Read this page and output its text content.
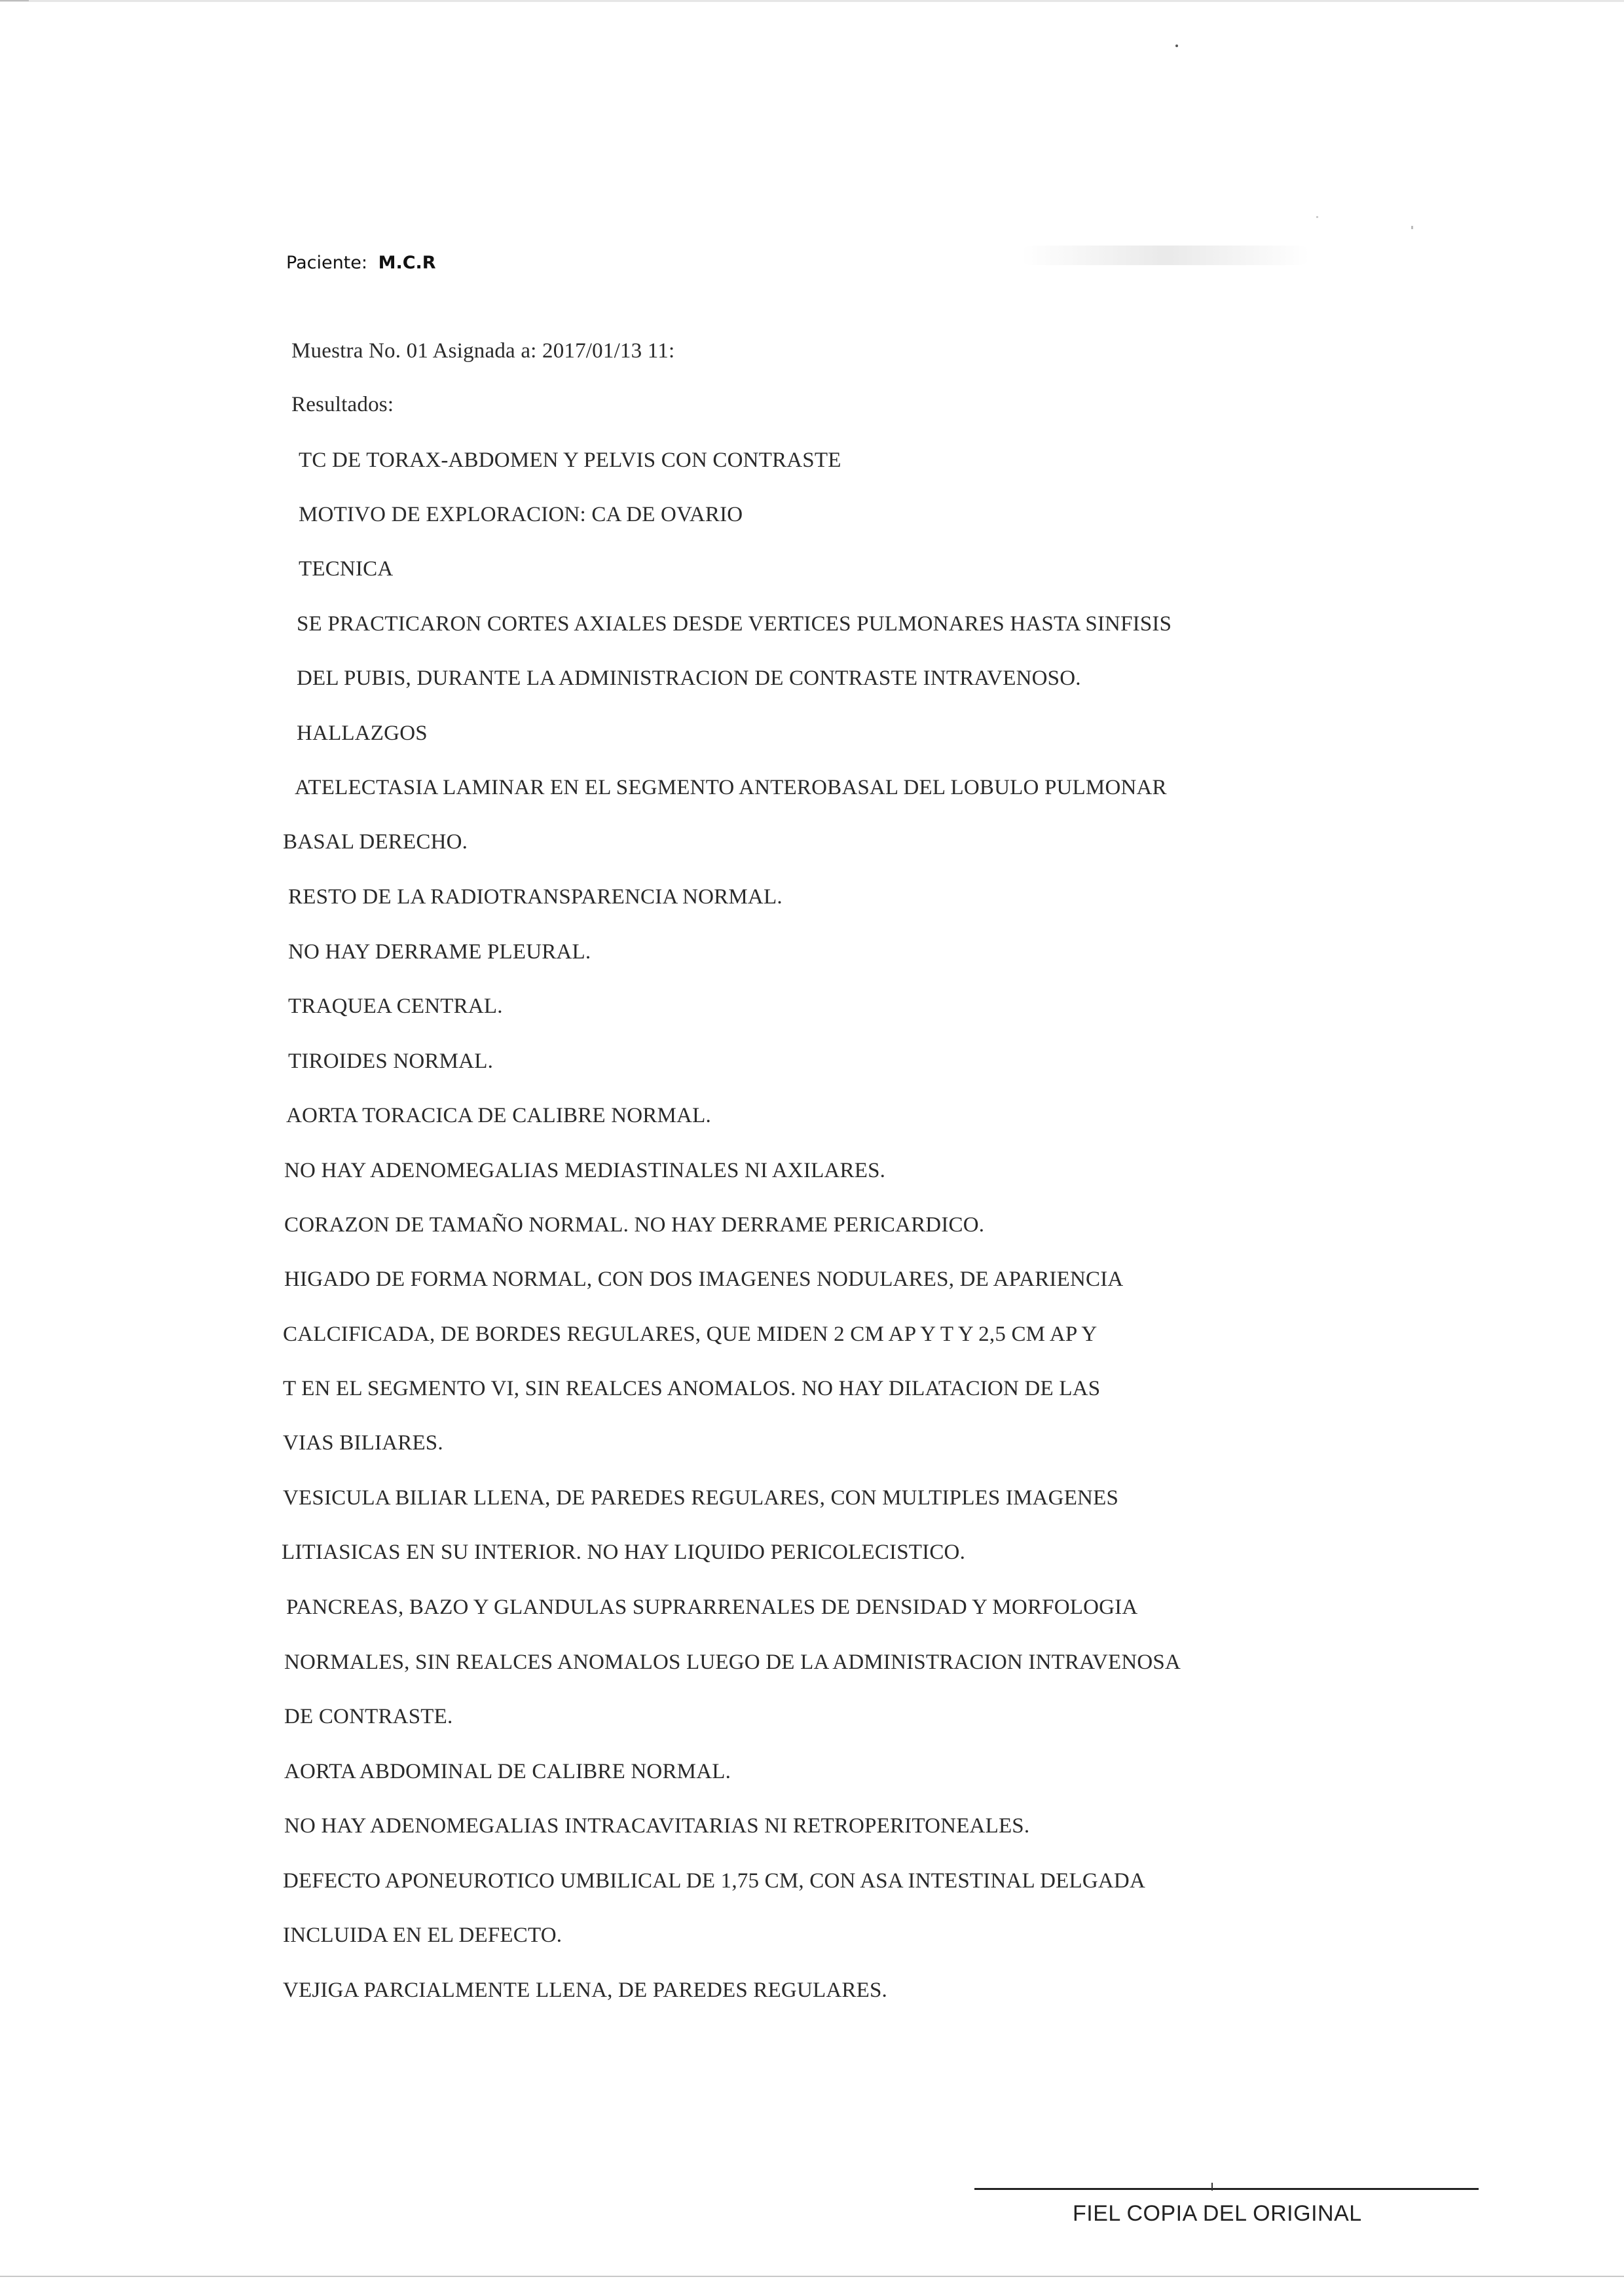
Paciente: M.C.R
Muestra No. 01 Asignada a: 2017/01/13 11:
Resultados:
TC DE TORAX-ABDOMEN Y PELVIS CON CONTRASTE
MOTIVO DE EXPLORACION: CA DE OVARIO
TECNICA
SE PRACTICARON CORTES AXIALES DESDE VERTICES PULMONARES HASTA SINFISIS
DEL PUBIS, DURANTE LA ADMINISTRACION DE CONTRASTE INTRAVENOSO.
HALLAZGOS
ATELECTASIA LAMINAR EN EL SEGMENTO ANTEROBASAL DEL LOBULO PULMONAR
BASAL DERECHO.
RESTO DE LA RADIOTRANSPARENCIA NORMAL.
NO HAY DERRAME PLEURAL.
TRAQUEA CENTRAL.
TIROIDES NORMAL.
AORTA TORACICA DE CALIBRE NORMAL.
NO HAY ADENOMEGALIAS MEDIASTINALES NI AXILARES.
CORAZON DE TAMAÑO NORMAL. NO HAY DERRAME PERICARDICO.
HIGADO DE FORMA NORMAL, CON DOS IMAGENES NODULARES, DE APARIENCIA
CALCIFICADA, DE BORDES REGULARES, QUE MIDEN 2 CM AP Y T Y 2,5 CM AP Y
T EN EL SEGMENTO VI, SIN REALCES ANOMALOS. NO HAY DILATACION DE LAS
VIAS BILIARES.
VESICULA BILIAR LLENA, DE PAREDES REGULARES, CON MULTIPLES IMAGENES
LITIASICAS EN SU INTERIOR. NO HAY LIQUIDO PERICOLECISTICO.
PANCREAS, BAZO Y GLANDULAS SUPRARRENALES DE DENSIDAD Y MORFOLOGIA
NORMALES, SIN REALCES ANOMALOS LUEGO DE LA ADMINISTRACION INTRAVENOSA
DE CONTRASTE.
AORTA ABDOMINAL DE CALIBRE NORMAL.
NO HAY ADENOMEGALIAS INTRACAVITARIAS NI RETROPERITONEALES.
DEFECTO APONEUROTICO UMBILICAL DE 1,75 CM, CON ASA INTESTINAL DELGADA
INCLUIDA EN EL DEFECTO.
VEJIGA PARCIALMENTE LLENA, DE PAREDES REGULARES.
FIEL COPIA DEL ORIGINAL
